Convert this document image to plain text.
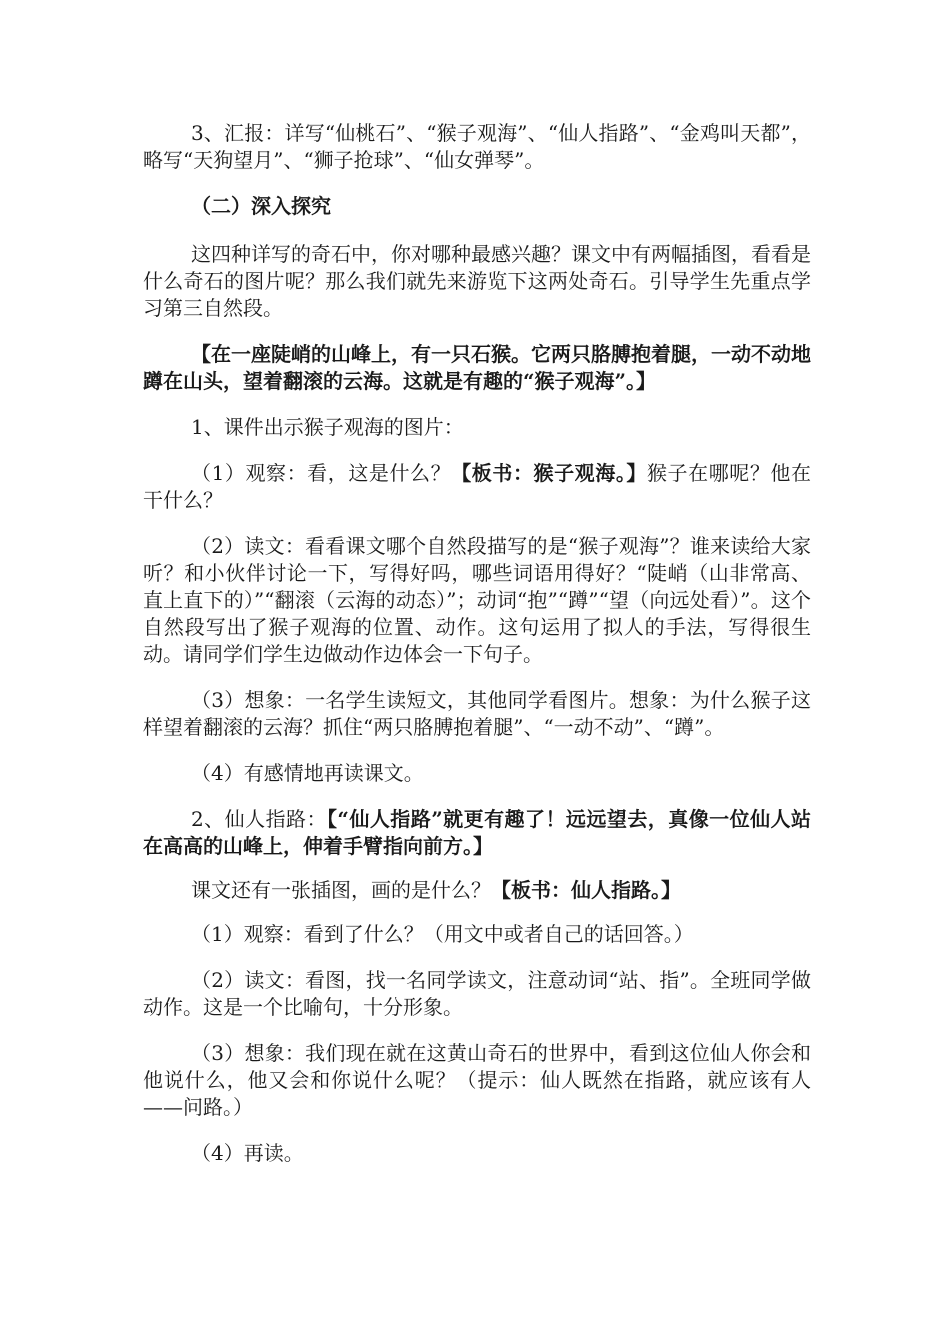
3、汇报：详写“仙桃石”、“猴子观海”、“仙人指路”、“金鸡叫天都”，略写“天狗望月”、“狮子抢球”、“仙女弹琴”。

（二）深入探究

这四种详写的奇石中，你对哪种最感兴趣？课文中有两幅插图，看看是什么奇石的图片呢？那么我们就先来游览下这两处奇石。引导学生先重点学习第三自然段。

【在一座陡峭的山峰上，有一只石猴。它两只胳膊抱着腿，一动不动地蹲在山头，望着翻滚的云海。这就是有趣的“猴子观海”。】

1、课件出示猴子观海的图片：

（1）观察：看，这是什么？【板书：猴子观海。】猴子在哪呢？他在干什么？

（2）读文：看看课文哪个自然段描写的是“猴子观海”？谁来读给大家听？和小伙伴讨论一下，写得好吗，哪些词语用得好？“陡峭（山非常高、直上直下的）”“翻滚（云海的动态）”；动词“抱”“蹲”“望（向远处看）”。这个自然段写出了猴子观海的位置、动作。这句运用了拟人的手法，写得很生动。请同学们学生边做动作边体会一下句子。

（3）想象：一名学生读短文，其他同学看图片。想象：为什么猴子这样望着翻滚的云海？抓住“两只胳膊抱着腿”、“一动不动”、“蹲”。

（4）有感情地再读课文。

2、仙人指路：【“仙人指路”就更有趣了！远远望去，真像一位仙人站在高高的山峰上，伸着手臂指向前方。】

课文还有一张插图，画的是什么？【板书：仙人指路。】

（1）观察：看到了什么？（用文中或者自己的话回答。）

（2）读文：看图，找一名同学读文，注意动词“站、指”。全班同学做动作。这是一个比喻句，十分形象。

（3）想象：我们现在就在这黄山奇石的世界中，看到这位仙人你会和他说什么，他又会和你说什么呢？（提示：仙人既然在指路，就应该有人——问路。）

（4）再读。
